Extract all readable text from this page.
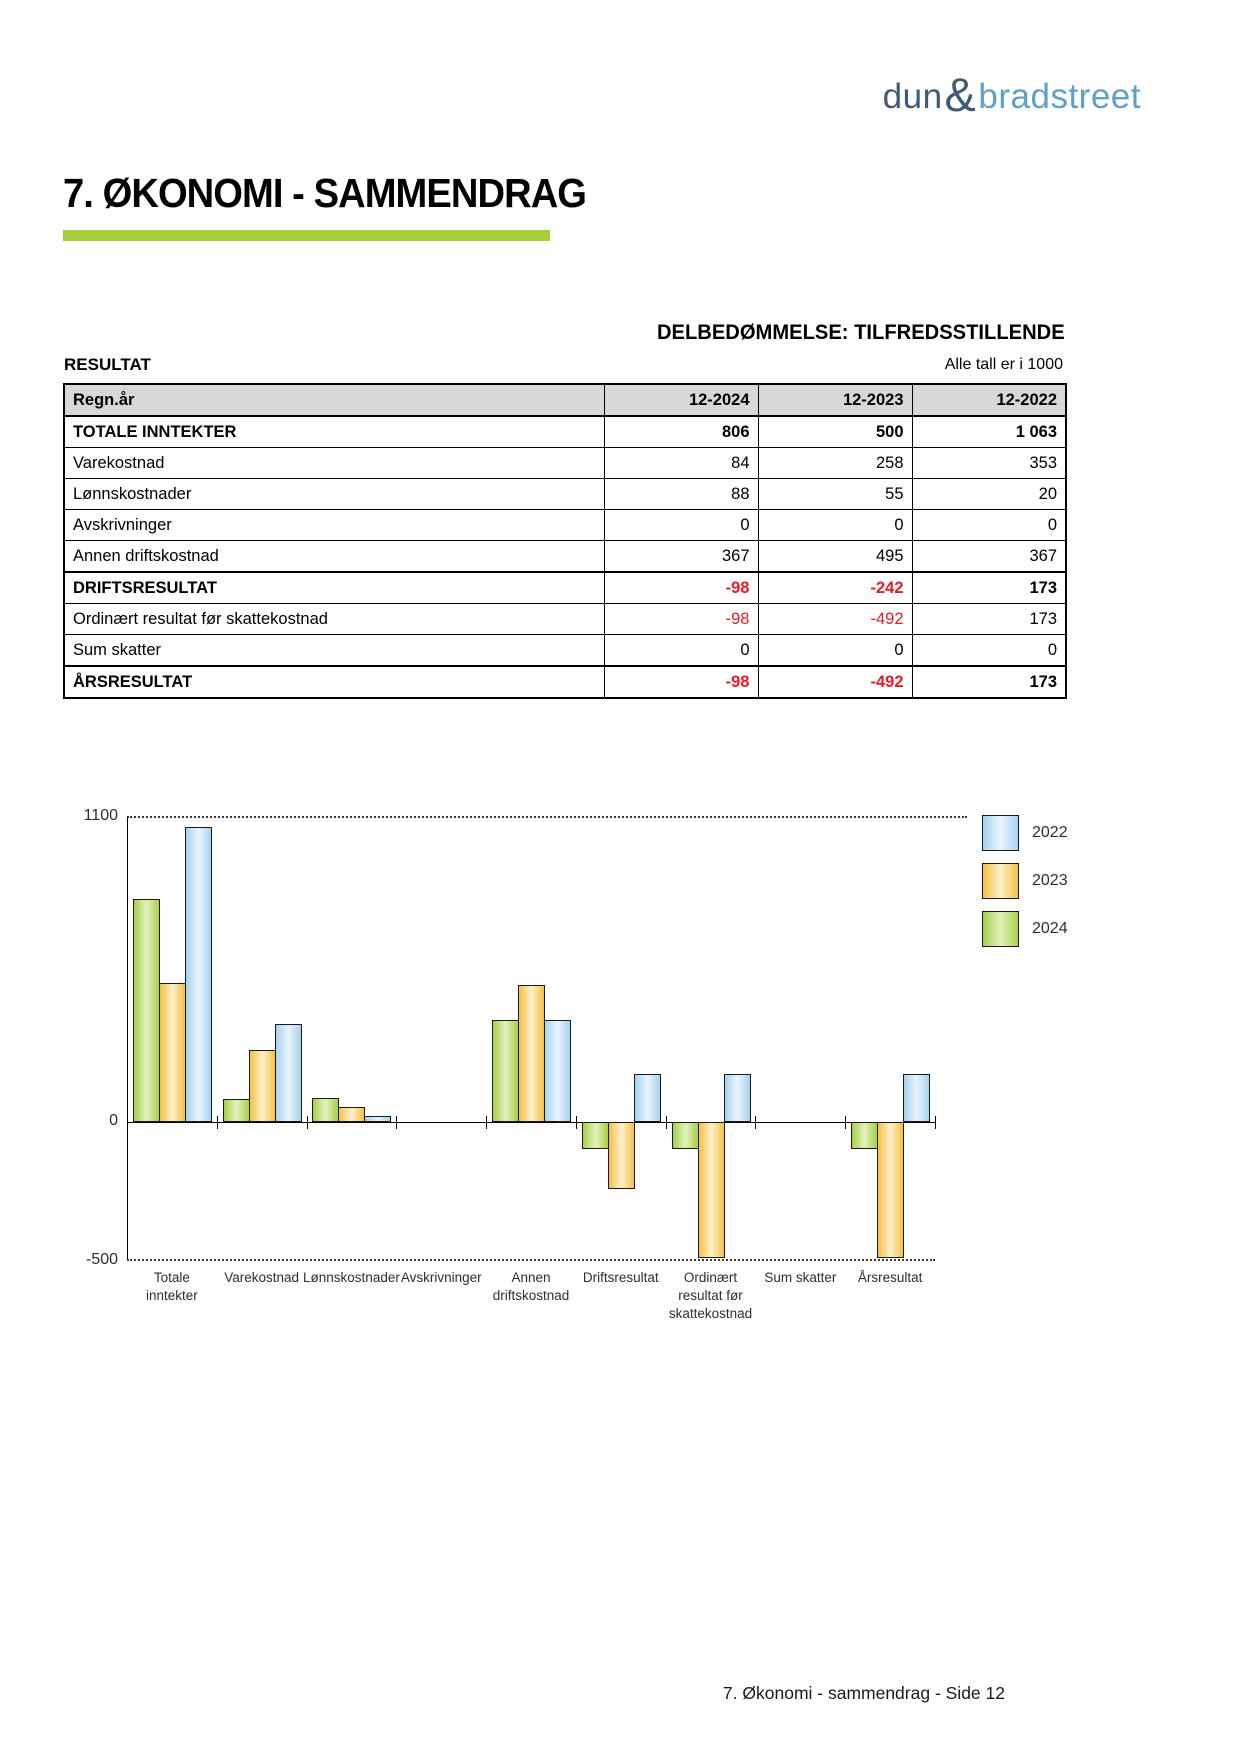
dun & bradstreet
7. ØKONOMI - SAMMENDRAG
DELBEDØMMELSE: TILFREDSSTILLENDE
RESULTAT	Alle tall er i 1000
Regn.år	12-2024	12-2023	12-2022
TOTALE INNTEKTER	806	500	1 063
Varekostnad	84	258	353
Lønnskostnader	88	55	20
Avskrivninger	0	0	0
Annen driftskostnad	367	495	367
DRIFTSRESULTAT	-98	-242	173
Ordinært resultat før skattekostnad	-98	-492	173
Sum skatter	0	0	0
ÅRSRESULTAT	-98	-492	173
1100
0
-500
Totale
inntekter
Varekostnad Lønnskostnader Avskrivninger	Annen
driftskostnad
Driftsresultat	Ordinært
resultat før
skattekostnad
Sum skatter	Årsresultat
2022
2023
2024
7. Økonomi - sammendrag - Side 12
